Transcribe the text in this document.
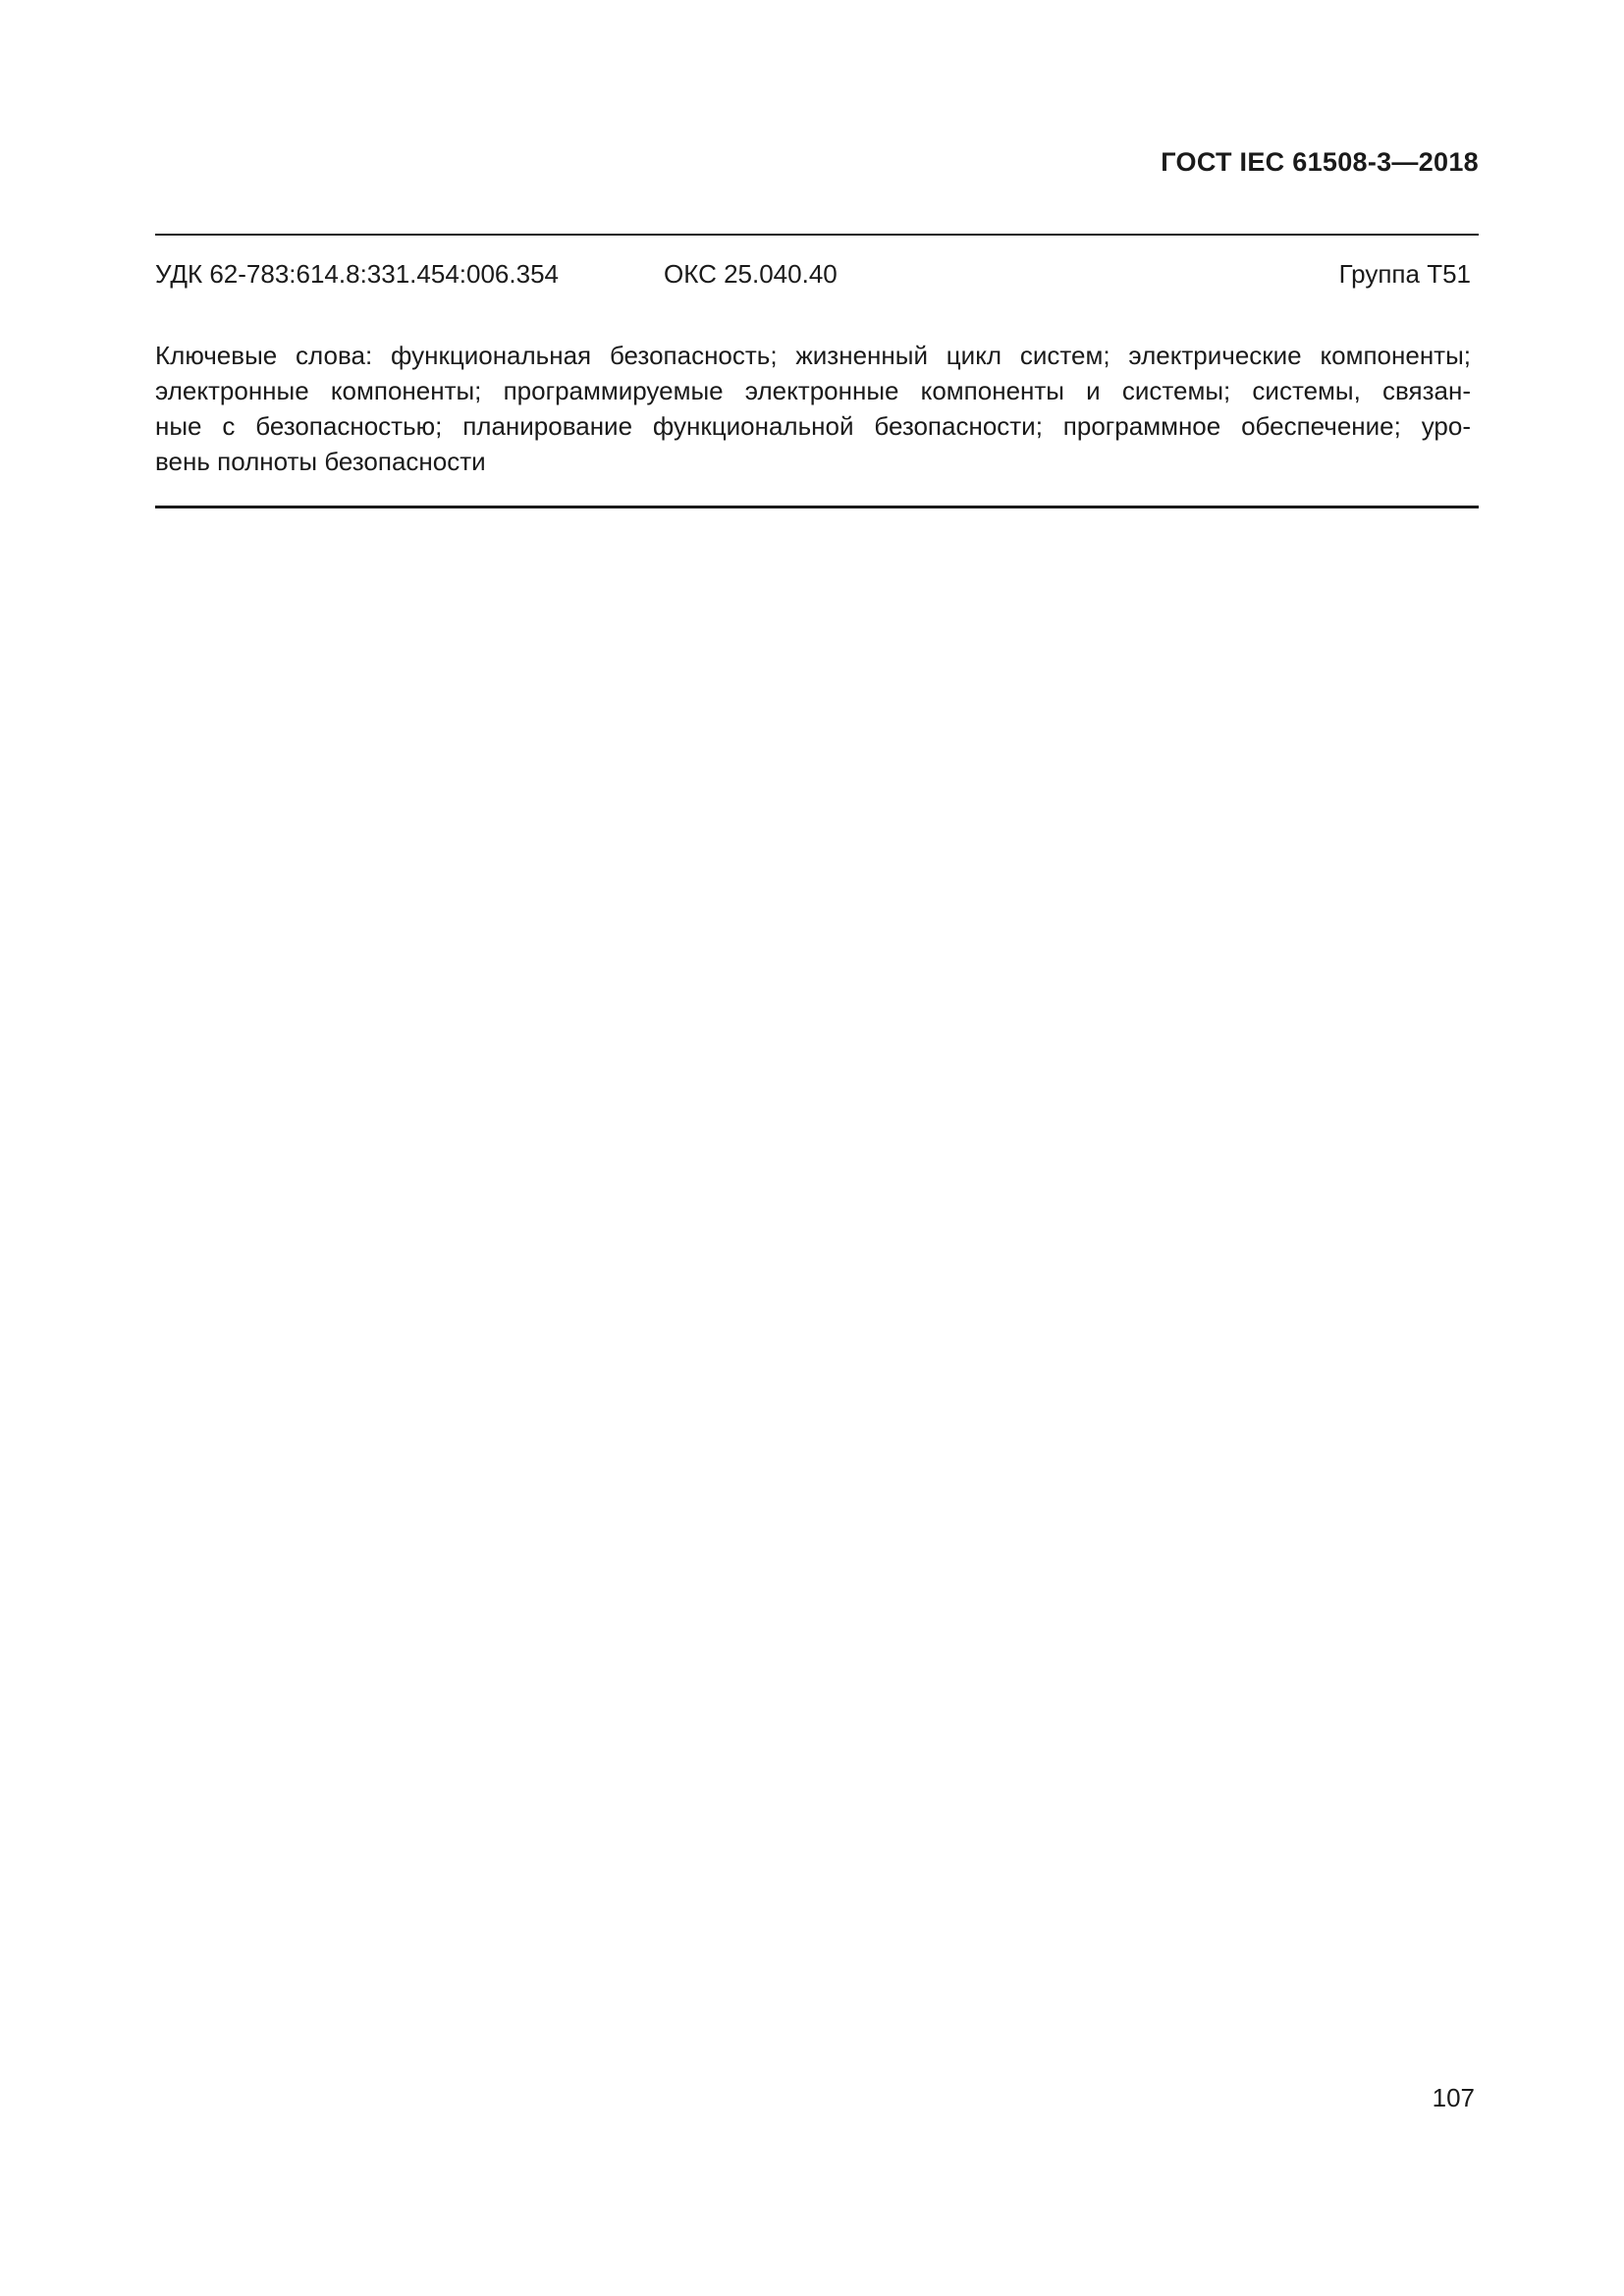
ГОСТ IEC 61508-3—2018
УДК 62-783:614.8:331.454:006.354	ОКС 25.040.40	Группа Т51

Ключевые слова: функциональная безопасность; жизненный цикл систем; электрические компоненты;

электронные компоненты; программируемые электронные компоненты и системы; системы, связан-

ные с безопасностью; планирование функциональной безопасности; программное обеспечение; уро-

вень полноты безопасности

107
